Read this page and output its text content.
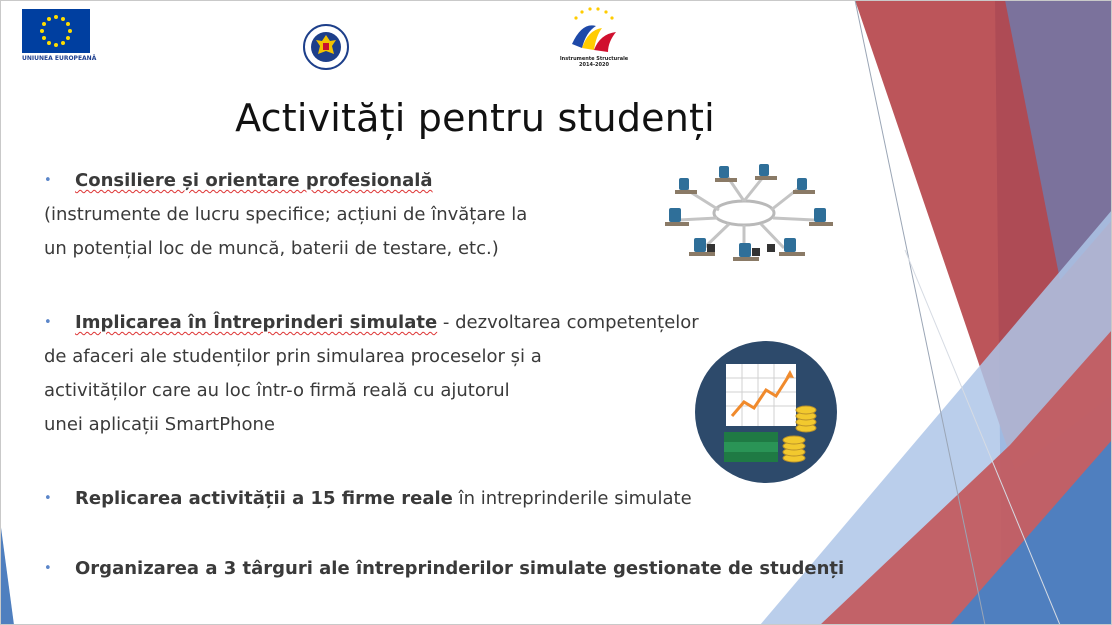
UNIUNEA EUROPEANĂ	Instrumente Structurale
2014-2020
Activități pentru studenți
• Consiliere și orientare profesională
(instrumente de lucru specifice; acțiuni de învățare la
un potențial loc de muncă, baterii de testare, etc.)
• Implicarea în Întreprinderi simulate - dezvoltarea competențelor
de afaceri ale studenților prin simularea proceselor și a
activităților care au loc într-o firmă reală cu ajutorul
unei aplicații SmartPhone
• Replicarea activității a 15 firme reale în intreprinderile simulate
• Organizarea a 3 târguri ale întreprinderilor simulate gestionate de studenți
